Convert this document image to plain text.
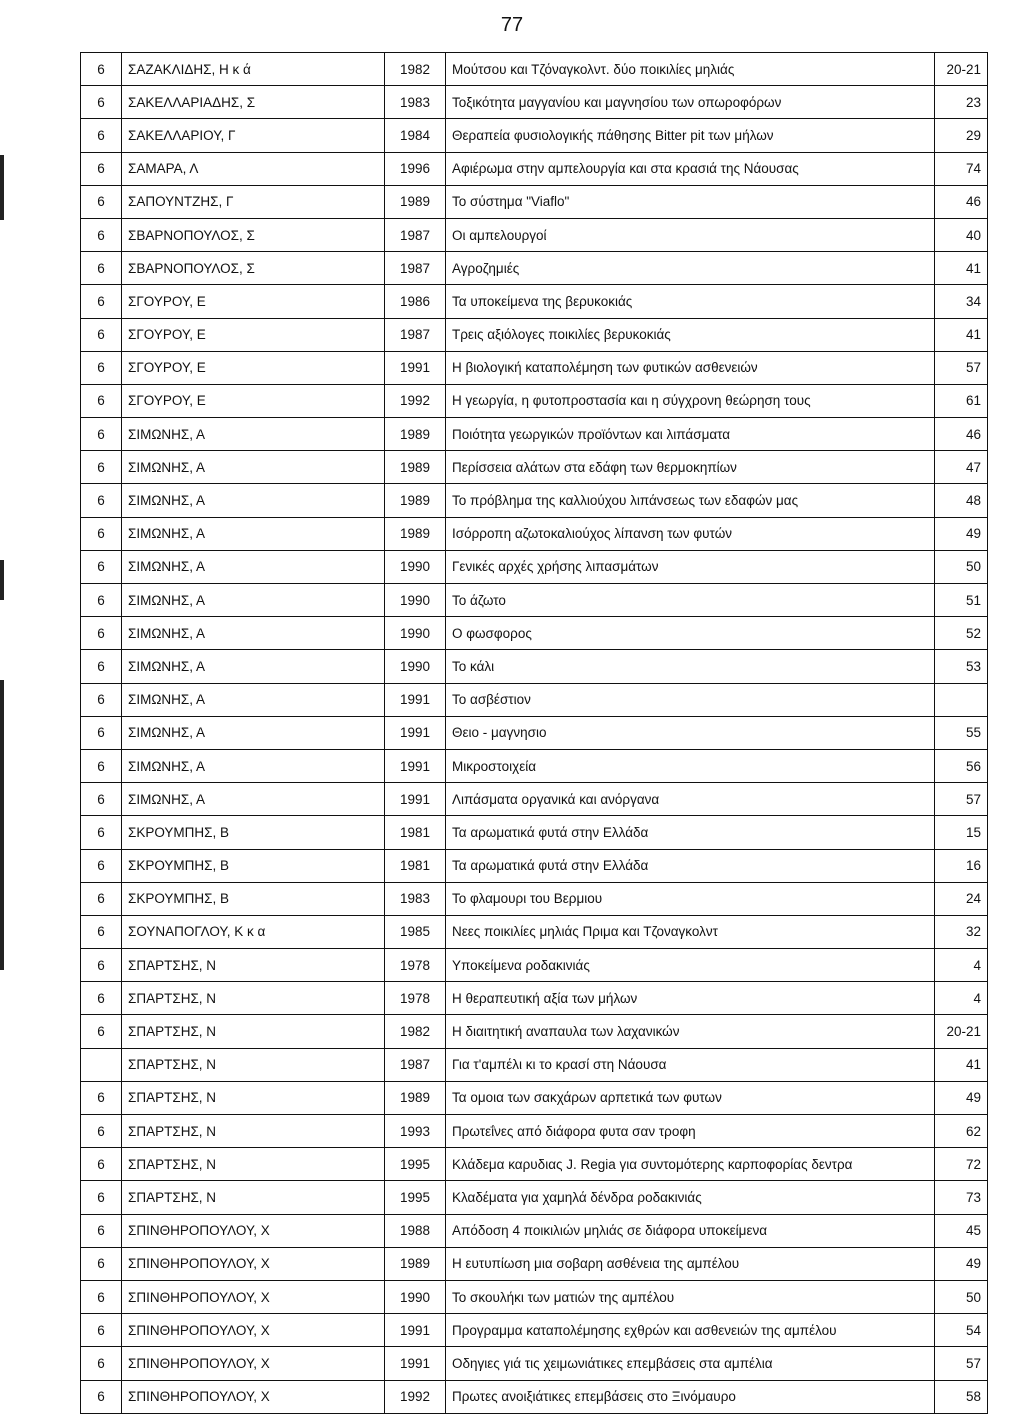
77
6	ΣΑΖΑΚΛΙΔΗΣ, Η κ ά	1982	Μούτσου και Τζόναγκολντ. δύο ποικιλίες μηλιάς	20-21
6	ΣΑΚΕΛΛΑΡΙΑΔΗΣ, Σ	1983	Τοξικότητα μαγγανίου και μαγνησίου των οπωροφόρων	23
6	ΣΑΚΕΛΛΑΡΙΟΥ, Γ	1984	Θεραπεία φυσιολογικής πάθησης Bitter pit των μήλων	29
6	ΣΑΜΑΡΑ, Λ	1996	Αφιέρωμα στην αμπελουργία και στα κρασιά της Νάουσας	74
6	ΣΑΠΟΥΝΤΖΗΣ, Γ	1989	Το σύστημα "Viaflo"	46
6	ΣΒΑΡΝΟΠΟΥΛΟΣ, Σ	1987	Οι αμπελουργοί	40
6	ΣΒΑΡΝΟΠΟΥΛΟΣ, Σ	1987	Αγροζημιές	41
6	ΣΓΟΥΡΟΥ, Ε	1986	Τα υποκείμενα της βερυκοκιάς	34
6	ΣΓΟΥΡΟΥ, Ε	1987	Τρεις αξιόλογες ποικιλίες βερυκοκιάς	41
6	ΣΓΟΥΡΟΥ, Ε	1991	Η βιολογική καταπολέμηση των φυτικών ασθενειών	57
6	ΣΓΟΥΡΟΥ, Ε	1992	Η γεωργία, η φυτοπροστασία και η σύγχρονη θεώρηση τους	61
6	ΣΙΜΩΝΗΣ, Α	1989	Ποιότητα γεωργικών προϊόντων και λιπάσματα	46
6	ΣΙΜΩΝΗΣ, Α	1989	Περίσσεια αλάτων στα εδάφη των θερμοκηπίων	47
6	ΣΙΜΩΝΗΣ, Α	1989	Το πρόβλημα της καλλιούχου λιπάνσεως των εδαφών μας	48
6	ΣΙΜΩΝΗΣ, Α	1989	Ισόρροπη αζωτοκαλιούχος λίπανση των φυτών	49
6	ΣΙΜΩΝΗΣ, Α	1990	Γενικές αρχές χρήσης λιπασμάτων	50
6	ΣΙΜΩΝΗΣ, Α	1990	Το άζωτο	51
6	ΣΙΜΩΝΗΣ, Α	1990	Ο φωσφορος	52
6	ΣΙΜΩΝΗΣ, Α	1990	Το κάλι	53
6	ΣΙΜΩΝΗΣ, Α	1991	Το ασβέστιον	
6	ΣΙΜΩΝΗΣ, Α	1991	Θειο - μαγνησιο	55
6	ΣΙΜΩΝΗΣ, Α	1991	Μικροστοιχεία	56
6	ΣΙΜΩΝΗΣ, Α	1991	Λιπάσματα οργανικά και ανόργανα	57
6	ΣΚΡΟΥΜΠΗΣ, Β	1981	Τα αρωματικά φυτά στην Ελλάδα	15
6	ΣΚΡΟΥΜΠΗΣ, Β	1981	Τα αρωματικά φυτά στην Ελλάδα	16
6	ΣΚΡΟΥΜΠΗΣ, Β	1983	Το φλαμουρι του Βερμιου	24
6	ΣΟΥΝΑΠΟΓΛΟΥ, Κ κ α	1985	Νεες ποικιλίες μηλιάς Πριμα και Τζοναγκολντ	32
6	ΣΠΑΡΤΣΗΣ, Ν	1978	Υποκείμενα ροδακινιάς	4
6	ΣΠΑΡΤΣΗΣ, Ν	1978	Η θεραπευτική αξία των μήλων	4
6	ΣΠΑΡΤΣΗΣ, Ν	1982	Η διαιτητική αναπαυλα των λαχανικών	20-21
	ΣΠΑΡΤΣΗΣ, Ν	1987	Για τ'αμπέλι κι το κρασί στη Νάουσα	41
6	ΣΠΑΡΤΣΗΣ, Ν	1989	Τα ομοια των σακχάρων αρπετικά των φυτων	49
6	ΣΠΑΡΤΣΗΣ, Ν	1993	Πρωτεΐνες από διάφορα φυτα σαν τροφη	62
6	ΣΠΑΡΤΣΗΣ, Ν	1995	Κλάδεμα καρυδιας J. Regia για συντομότερης καρποφορίας δεντρα	72
6	ΣΠΑΡΤΣΗΣ, Ν	1995	Κλαδέματα για χαμηλά δένδρα ροδακινιάς	73
6	ΣΠΙΝΘΗΡΟΠΟΥΛΟΥ, Χ	1988	Απόδοση 4 ποικιλιών μηλιάς σε διάφορα υποκείμενα	45
6	ΣΠΙΝΘΗΡΟΠΟΥΛΟΥ, Χ	1989	Η ευτυπίωση μια σοβαρη ασθένεια της αμπέλου	49
6	ΣΠΙΝΘΗΡΟΠΟΥΛΟΥ, Χ	1990	Το σκουλήκι των ματιών της αμπέλου	50
6	ΣΠΙΝΘΗΡΟΠΟΥΛΟΥ, Χ	1991	Προγραμμα καταπολέμησης εχθρών και ασθενειών της αμπέλου	54
6	ΣΠΙΝΘΗΡΟΠΟΥΛΟΥ, Χ	1991	Οδηγιες γιά τις χειμωνιάτικες επεμβάσεις στα αμπέλια	57
6	ΣΠΙΝΘΗΡΟΠΟΥΛΟΥ, Χ	1992	Πρωτες ανοιξιάτικες επεμβάσεις στο Ξινόμαυρο	58
